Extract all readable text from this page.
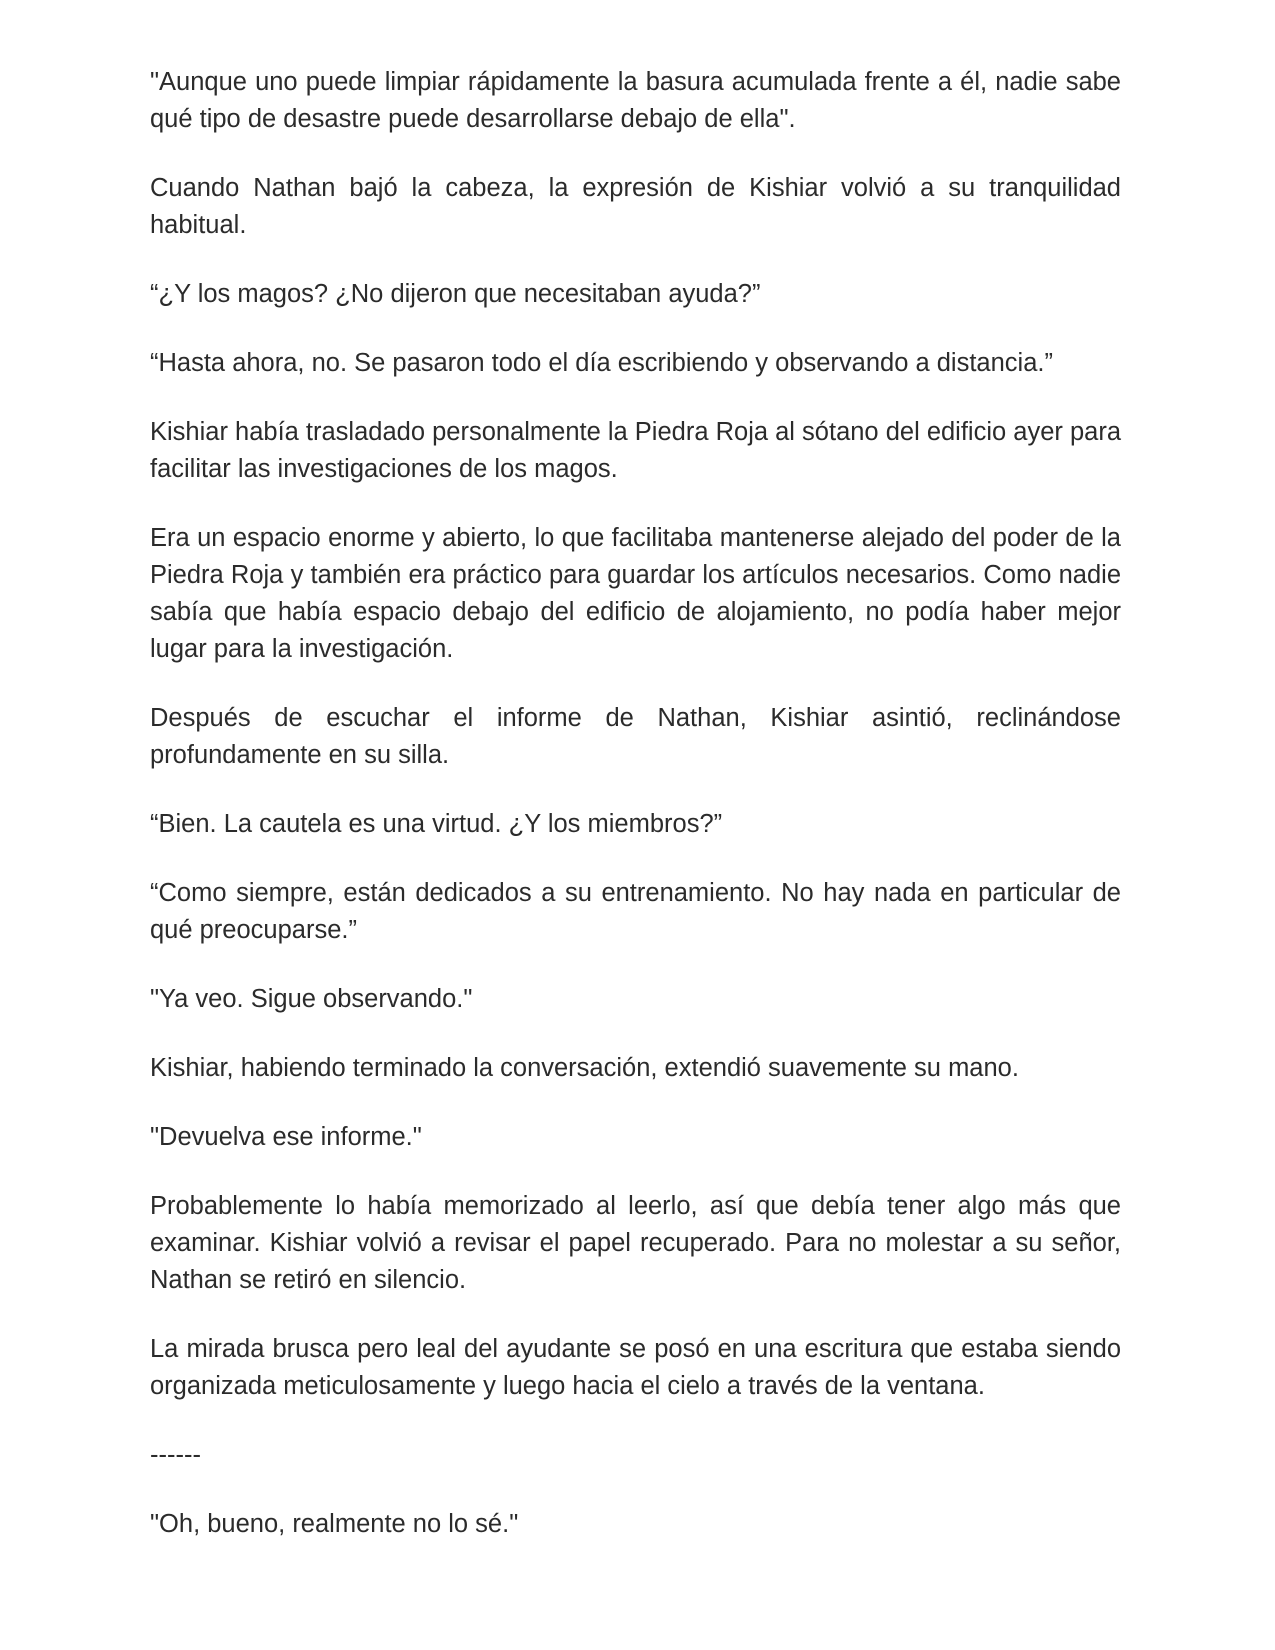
"Aunque uno puede limpiar rápidamente la basura acumulada frente a él, nadie sabe qué tipo de desastre puede desarrollarse debajo de ella".

Cuando Nathan bajó la cabeza, la expresión de Kishiar volvió a su tranquilidad habitual.

“¿Y los magos? ¿No dijeron que necesitaban ayuda?”

“Hasta ahora, no. Se pasaron todo el día escribiendo y observando a distancia.”

Kishiar había trasladado personalmente la Piedra Roja al sótano del edificio ayer para facilitar las investigaciones de los magos.

Era un espacio enorme y abierto, lo que facilitaba mantenerse alejado del poder de la Piedra Roja y también era práctico para guardar los artículos necesarios. Como nadie sabía que había espacio debajo del edificio de alojamiento, no podía haber mejor lugar para la investigación.

Después de escuchar el informe de Nathan, Kishiar asintió, reclinándose profundamente en su silla.

“Bien. La cautela es una virtud. ¿Y los miembros?”

“Como siempre, están dedicados a su entrenamiento. No hay nada en particular de qué preocuparse.”

"Ya veo. Sigue observando."

Kishiar, habiendo terminado la conversación, extendió suavemente su mano.

"Devuelva ese informe."

Probablemente lo había memorizado al leerlo, así que debía tener algo más que examinar. Kishiar volvió a revisar el papel recuperado. Para no molestar a su señor, Nathan se retiró en silencio.

La mirada brusca pero leal del ayudante se posó en una escritura que estaba siendo organizada meticulosamente y luego hacia el cielo a través de la ventana.

------

"Oh, bueno, realmente no lo sé."
